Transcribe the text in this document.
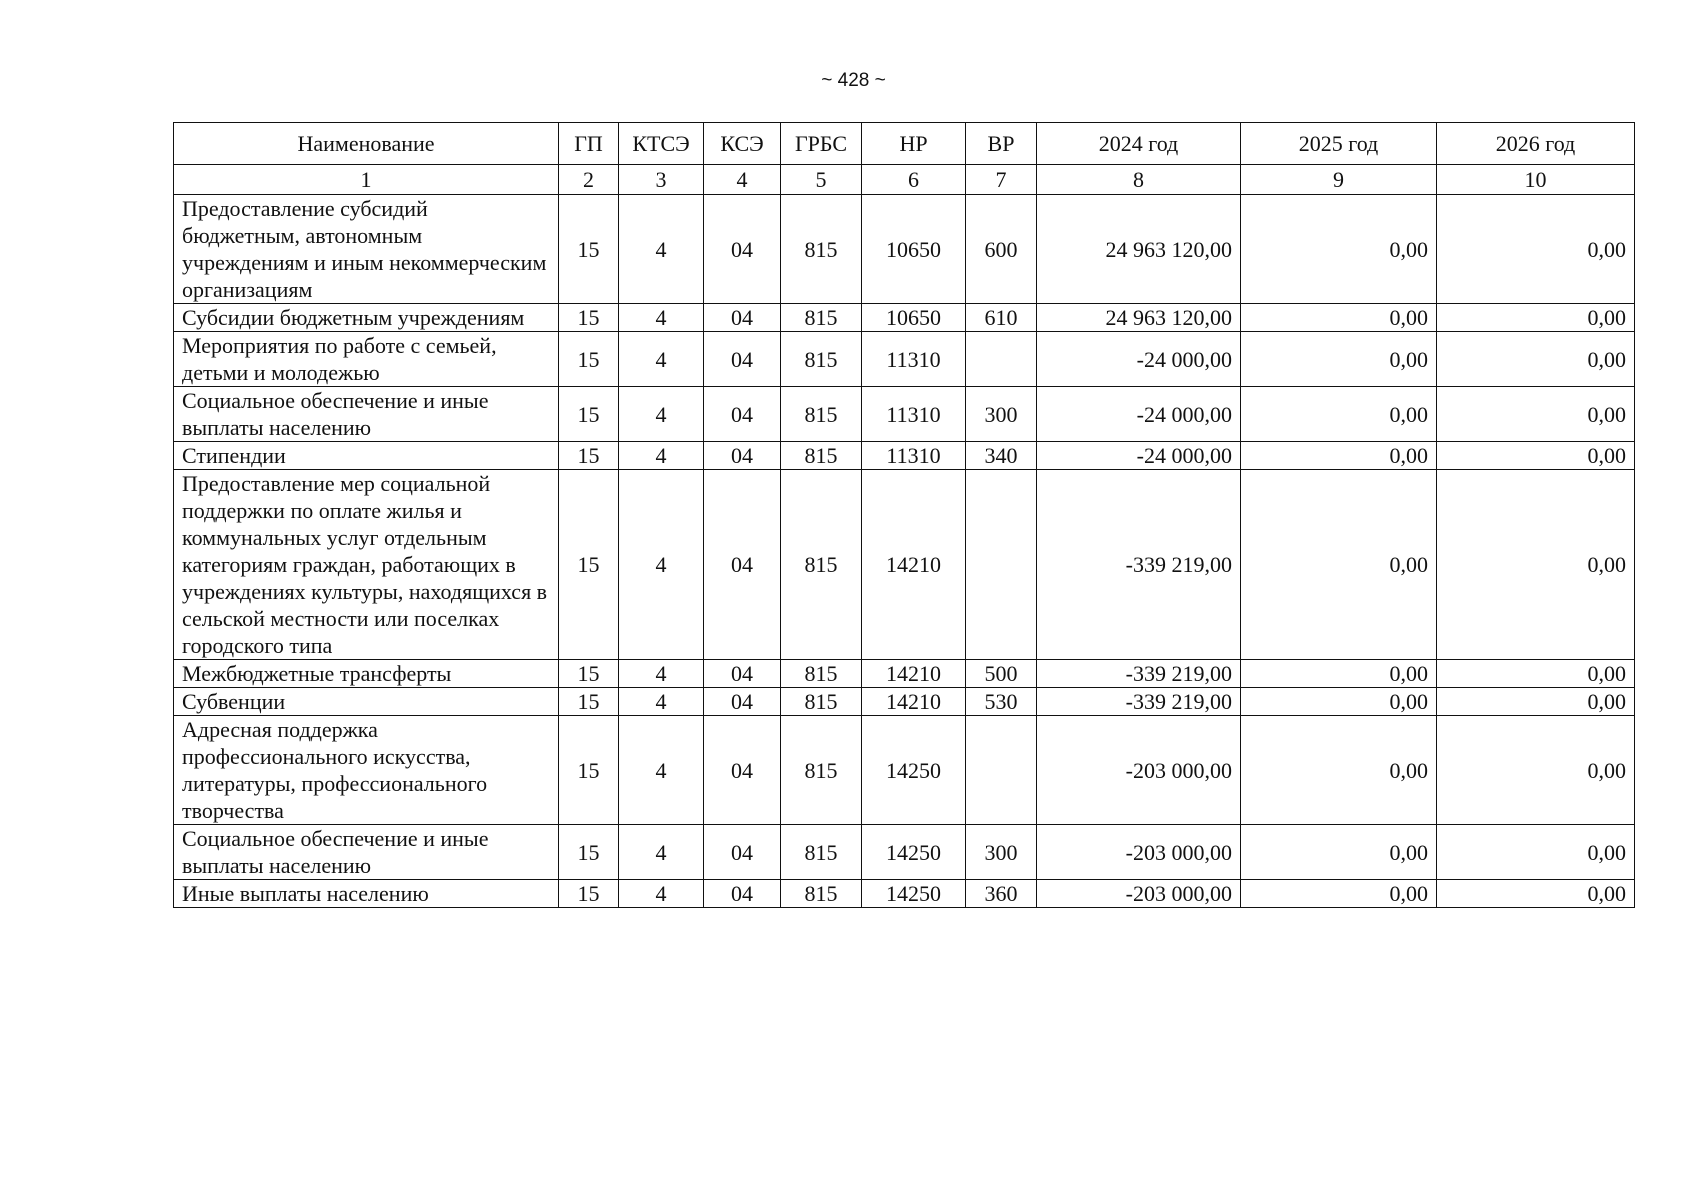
~ 428 ~
Наименование	ГП	КТСЭ	КСЭ	ГРБС	НР	ВР	2024 год	2025 год	2026 год
1	2	3	4	5	6	7	8	9	10
Предоставление субсидий бюджетным, автономным учреждениям и иным некоммерческим организациям	15	4	04	815	10650	600	24 963 120,00	0,00	0,00
Субсидии бюджетным учреждениям	15	4	04	815	10650	610	24 963 120,00	0,00	0,00
Мероприятия по работе с семьей, детьми и молодежью	15	4	04	815	11310		-24 000,00	0,00	0,00
Социальное обеспечение и иные выплаты населению	15	4	04	815	11310	300	-24 000,00	0,00	0,00
Стипендии	15	4	04	815	11310	340	-24 000,00	0,00	0,00
Предоставление мер социальной поддержки по оплате жилья и коммунальных услуг отдельным категориям граждан, работающих в учреждениях культуры, находящихся в сельской местности или поселках городского типа	15	4	04	815	14210		-339 219,00	0,00	0,00
Межбюджетные трансферты	15	4	04	815	14210	500	-339 219,00	0,00	0,00
Субвенции	15	4	04	815	14210	530	-339 219,00	0,00	0,00
Адресная поддержка профессионального искусства, литературы, профессионального творчества	15	4	04	815	14250		-203 000,00	0,00	0,00
Социальное обеспечение и иные выплаты населению	15	4	04	815	14250	300	-203 000,00	0,00	0,00
Иные выплаты населению	15	4	04	815	14250	360	-203 000,00	0,00	0,00
